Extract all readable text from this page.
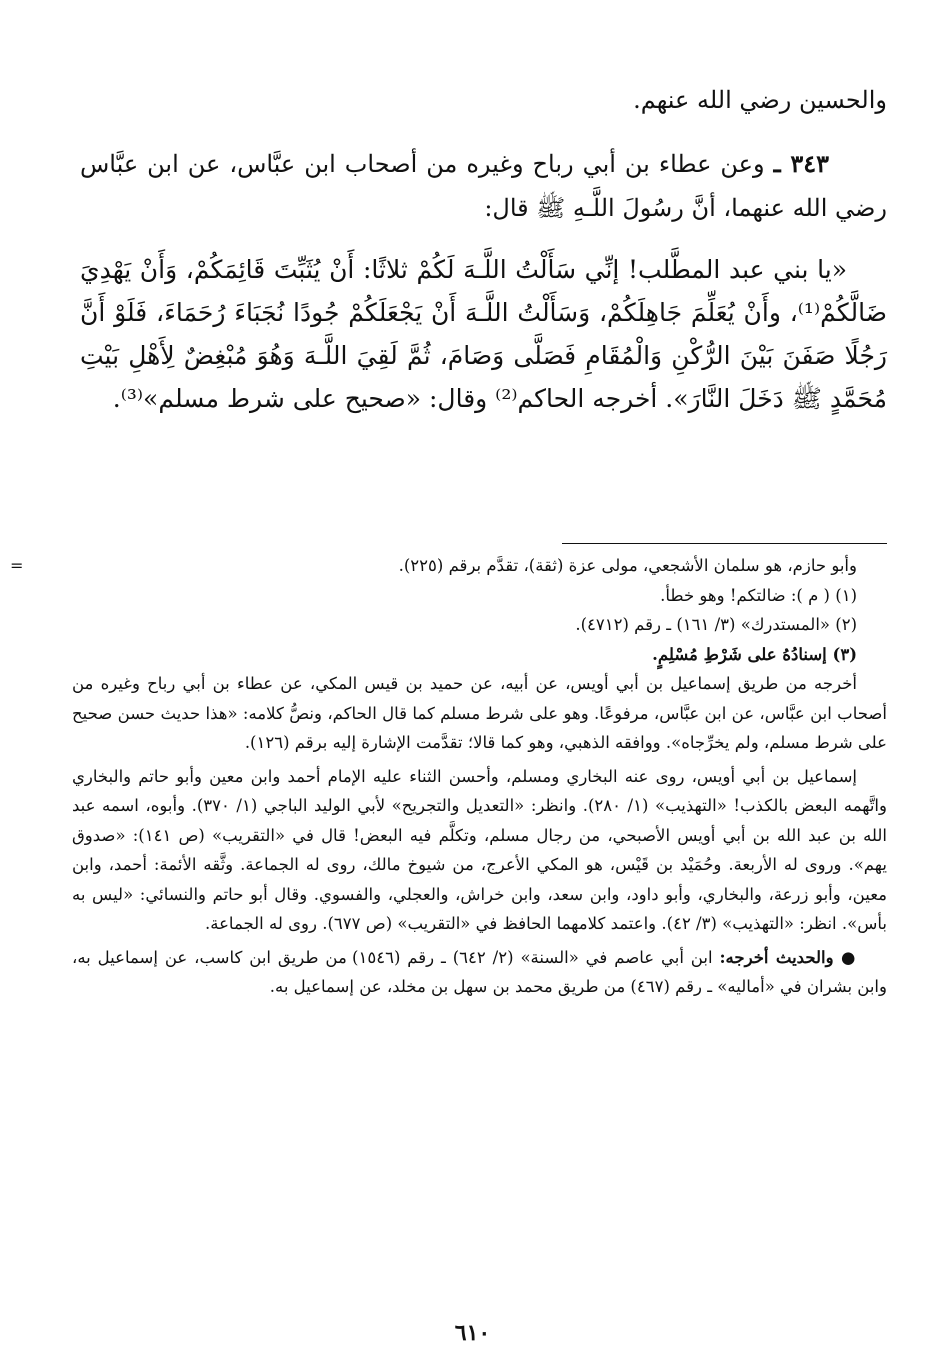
والحسين رضي الله عنهم.

٣٤٣ ـ وعن عطاء بن أبي رباح وغيره من أصحاب ابن عبَّاس، عن ابن عبَّاس رضي الله عنهما، أنَّ رسُولَ اللَّـهِ ﷺ قال:

«يا بني عبد المطَّلب! إنِّي سَأَلْتُ اللَّـهَ لَكُمْ ثلاثًا: أَنْ يُثَبِّتَ قَائِمَكُمْ، وَأَنْ يَهْدِيَ ضَالَّكُمْ⁽¹⁾، وأَنْ يُعَلِّمَ جَاهِلَكُمْ، وَسَأَلْتُ اللَّـهَ أَنْ يَجْعَلَكُمْ جُودًا نُجَبَاءَ رُحَمَاءَ، فَلَوْ أَنَّ رَجُلًا صَفَنَ بَيْنَ الرُّكْنِ وَالْمُقَامِ فَصَلَّى وَصَامَ، ثُمَّ لَقِيَ اللَّـهَ وَهُوَ مُبْغِضٌ لِأَهْلِ بَيْتِ مُحَمَّدٍ ﷺ دَخَلَ النَّارَ». أخرجه الحاكم⁽²⁾ وقال: «صحيح على شرط مسلم»⁽³⁾.

=	وأبو حازم، هو سلمان الأشجعي، مولى عزة (ثقة)، تقدَّم برقم (٢٢٥).

(١) ( م ): ضالتكم! وهو خطأ.

(٢) «المستدرك» (٣/ ١٦١) ـ رقم (٤٧١٢).

(٣) إسنادُهُ على شَرْطِ مُسْلِمٍ.

أخرجه من طريق إسماعيل بن أبي أويس، عن أبيه، عن حميد بن قيس المكي، عن عطاء بن أبي رباح وغيره من أصحاب ابن عبَّاس، عن ابن عبَّاس، مرفوعًا. وهو على شرط مسلم كما قال الحاكم، ونصُّ كلامه: «هذا حديث حسن صحيح على شرط مسلم، ولم يخرِّجاه». ووافقه الذهبي، وهو كما قالا؛ تقدَّمت الإشارة إليه برقم (١٢٦).

إسماعيل بن أبي أويس، روى عنه البخاري ومسلم، وأحسن الثناء عليه الإمام أحمد وابن معين وأبو حاتم والبخاري واتَّهمه البعض بالكذب! «التهذيب» (١/ ٢٨٠). وانظر: «التعديل والتجريح» لأبي الوليد الباجي (١/ ٣٧٠). وأبوه، اسمه عبد الله بن عبد الله بن أبي أويس الأصبحي، من رجال مسلم، وتكلَّم فيه البعض! قال في «التقريب» (ص ١٤١): «صدوق يهم». وروى له الأربعة. وحُمَيْد بن قَيْس، هو المكي الأعرج، من شيوخ مالك، روى له الجماعة. وثَّقه الأئمة: أحمد، وابن معين، وأبو زرعة، والبخاري، وأبو داود، وابن سعد، وابن خراش، والعجلي، والفسوي. وقال أبو حاتم والنسائي: «ليس به بأس». انظر: «التهذيب» (٣/ ٤٢). واعتمد كلامهما الحافظ في «التقريب» (ص ٦٧٧). روى له الجماعة.

● والحديث أخرجه: ابن أبي عاصم في «السنة» (٢/ ٦٤٢) ـ رقم (١٥٤٦) من طريق ابن كاسب، عن إسماعيل به، وابن بشران في «أماليه» ـ رقم (٤٦٧) من طريق محمد بن سهل بن مخلد، عن إسماعيل به.

٦١٠
